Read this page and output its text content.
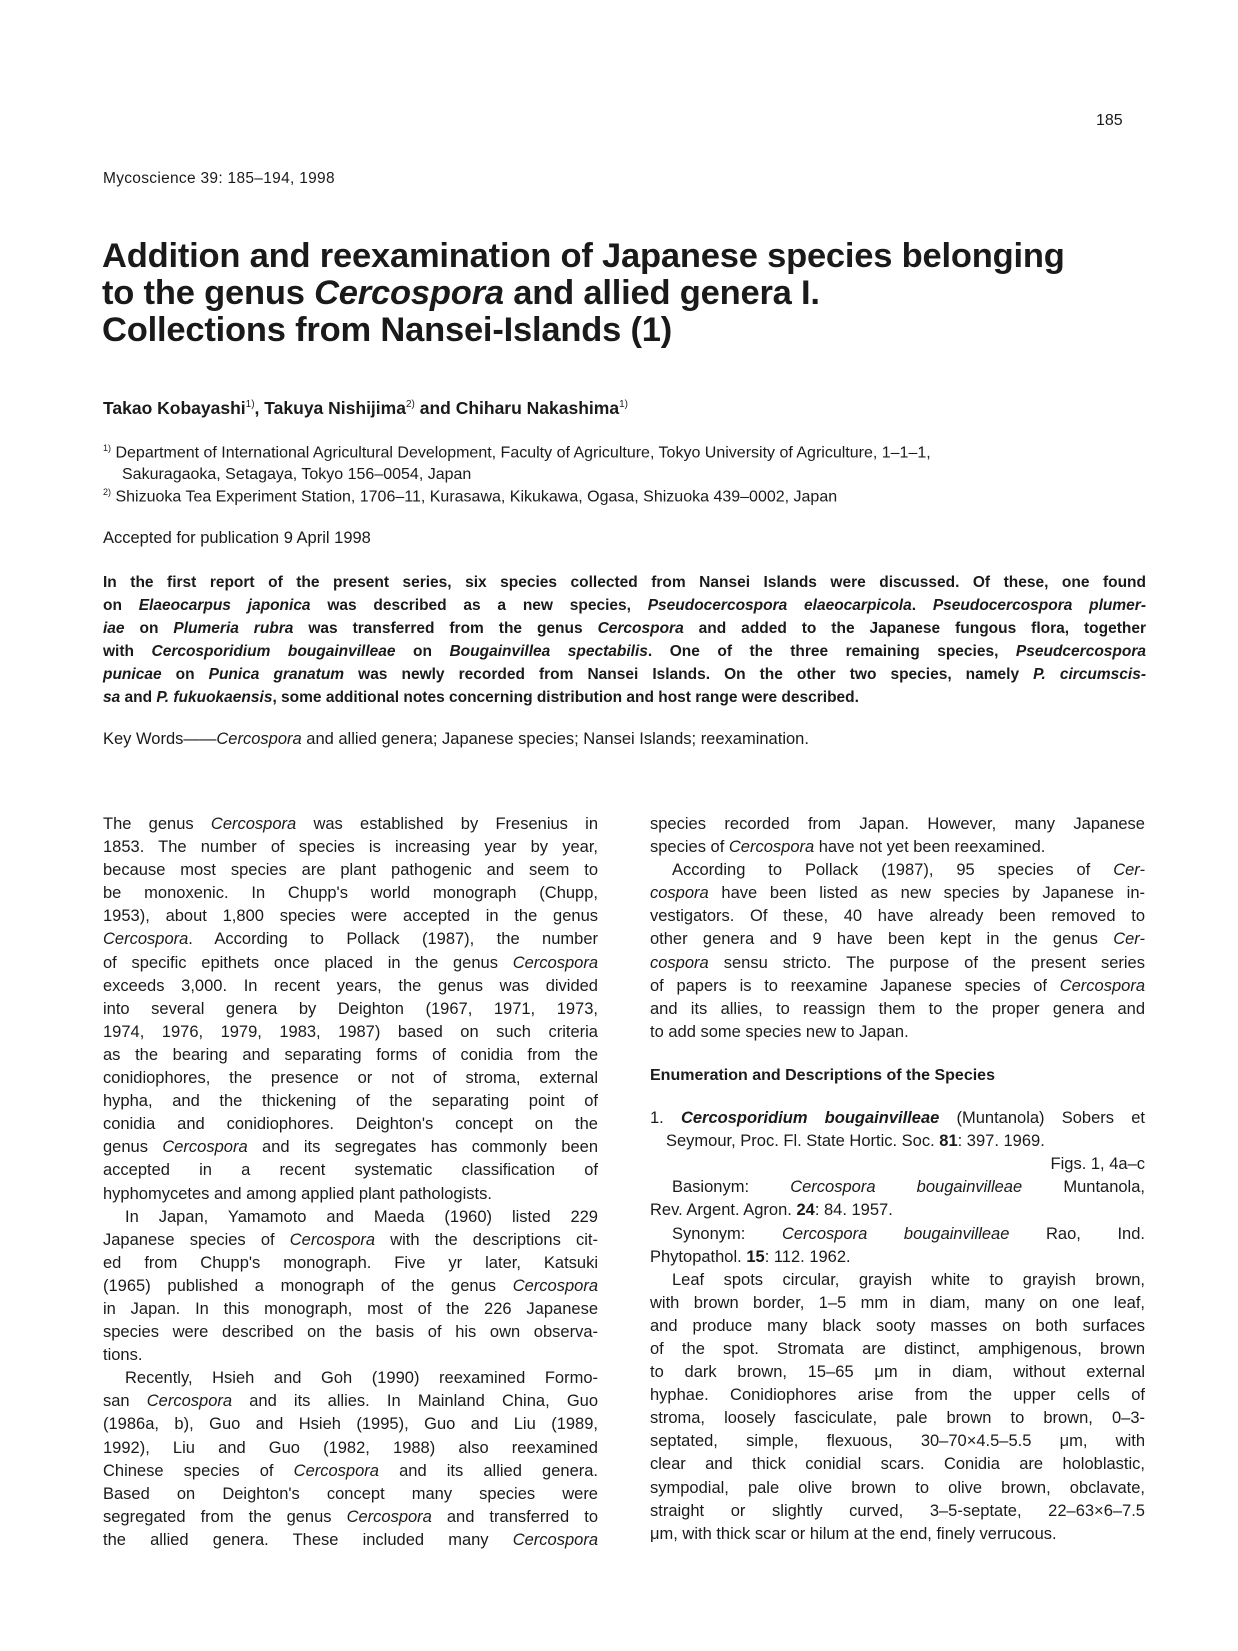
185
Mycoscience 39: 185–194, 1998
Addition and reexamination of Japanese species belonging
to the genus Cercospora and allied genera I.
Collections from Nansei-Islands (1)
Takao Kobayashi$^{1)}$, Takuya Nishijima$^{2)}$ and Chiharu Nakashima$^{1)}$
$^{1)}$ Department of International Agricultural Development, Faculty of Agriculture, Tokyo University of Agriculture, 1–1–1,
Sakuragaoka, Setagaya, Tokyo 156–0054, Japan
$^{2)}$ Shizuoka Tea Experiment Station, 1706–11, Kurasawa, Kikukawa, Ogasa, Shizuoka 439–0002, Japan
Accepted for publication 9 April 1998
In the first report of the present series, six species collected from Nansei Islands were discussed. Of these, one found
on Elaeocarpus japonica was described as a new species, Pseudocercospora elaeocarpicola. Pseudocercospora plumer-
iae on Plumeria rubra was transferred from the genus Cercospora and added to the Japanese fungous flora, together
with Cercosporidium bougainvilleae on Bougainvillea spectabilis. One of the three remaining species, Pseudcercospora
punicae on Punica granatum was newly recorded from Nansei Islands. On the other two species, namely P. circumscis-
sa and P. fukuokaensis, some additional notes concerning distribution and host range were described.
Key Words——Cercospora and allied genera; Japanese species; Nansei Islands; reexamination.
The genus Cercospora was established by Fresenius in
1853. The number of species is increasing year by year,
because most species are plant pathogenic and seem to
be monoxenic. In Chupp's world monograph (Chupp,
1953), about 1,800 species were accepted in the genus
Cercospora. According to Pollack (1987), the number
of specific epithets once placed in the genus Cercospora
exceeds 3,000. In recent years, the genus was divided
into several genera by Deighton (1967, 1971, 1973,
1974, 1976, 1979, 1983, 1987) based on such criteria
as the bearing and separating forms of conidia from the
conidiophores, the presence or not of stroma, external
hypha, and the thickening of the separating point of
conidia and conidiophores. Deighton's concept on the
genus Cercospora and its segregates has commonly been
accepted in a recent systematic classification of
hyphomycetes and among applied plant pathologists.
In Japan, Yamamoto and Maeda (1960) listed 229
Japanese species of Cercospora with the descriptions cit-
ed from Chupp's monograph. Five yr later, Katsuki
(1965) published a monograph of the genus Cercospora
in Japan. In this monograph, most of the 226 Japanese
species were described on the basis of his own observa-
tions.
Recently, Hsieh and Goh (1990) reexamined Formo-
san Cercospora and its allies. In Mainland China, Guo
(1986a, b), Guo and Hsieh (1995), Guo and Liu (1989,
1992), Liu and Guo (1982, 1988) also reexamined
Chinese species of Cercospora and its allied genera.
Based on Deighton's concept many species were
segregated from the genus Cercospora and transferred to
the allied genera. These included many Cercospora
species recorded from Japan. However, many Japanese
species of Cercospora have not yet been reexamined.
According to Pollack (1987), 95 species of Cer-
cospora have been listed as new species by Japanese in-
vestigators. Of these, 40 have already been removed to
other genera and 9 have been kept in the genus Cer-
cospora sensu stricto. The purpose of the present series
of papers is to reexamine Japanese species of Cercospora
and its allies, to reassign them to the proper genera and
to add some species new to Japan.
Enumeration and Descriptions of the Species
1. Cercosporidium bougainvilleae (Muntanola) Sobers et
Seymour, Proc. Fl. State Hortic. Soc. 81: 397. 1969.
Figs. 1, 4a–c
Basionym: Cercospora bougainvilleae Muntanola,
Rev. Argent. Agron. 24: 84. 1957.
Synonym: Cercospora bougainvilleae Rao, Ind.
Phytopathol. 15: 112. 1962.
Leaf spots circular, grayish white to grayish brown,
with brown border, 1–5 mm in diam, many on one leaf,
and produce many black sooty masses on both surfaces
of the spot. Stromata are distinct, amphigenous, brown
to dark brown, 15–65 μm in diam, without external
hyphae. Conidiophores arise from the upper cells of
stroma, loosely fasciculate, pale brown to brown, 0–3-
septated, simple, flexuous, 30–70×4.5–5.5 μm, with
clear and thick conidial scars. Conidia are holoblastic,
sympodial, pale olive brown to olive brown, obclavate,
straight or slightly curved, 3–5-septate, 22–63×6–7.5
μm, with thick scar or hilum at the end, finely verrucous.
